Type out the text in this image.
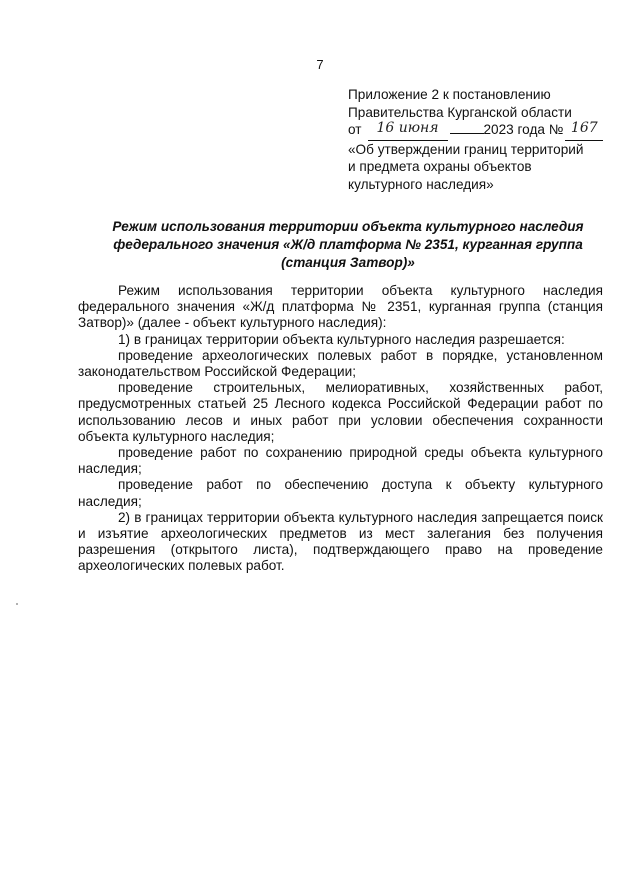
7
Приложение 2 к постановлению
Правительства Курганской области
от 16 июня	2023 года № 167
«Об утверждении границ территорий
и предмета охраны объектов
культурного наследия»
Режим использования территории объекта культурного наследия
федерального значения «Ж/д платформа № 2351, курганная группа
(станция Затвор)»

Режим использования территории объекта культурного наследия федерального значения «Ж/д платформа № 2351, курганная группа (станция Затвор)» (далее - объект культурного наследия):

1) в границах территории объекта культурного наследия разрешается:

проведение археологических полевых работ в порядке, установленном законодательством Российской Федерации;

проведение строительных, мелиоративных, хозяйственных работ, предусмотренных статьей 25 Лесного кодекса Российской Федерации работ по использованию лесов и иных работ при условии обеспечения сохранности объекта культурного наследия;

проведение работ по сохранению природной среды объекта культурного наследия;

проведение работ по обеспечению доступа к объекту культурного наследия;

2) в границах территории объекта культурного наследия запрещается поиск и изъятие археологических предметов из мест залегания без получения разрешения (открытого листа), подтверждающего право на проведение археологических полевых работ.
